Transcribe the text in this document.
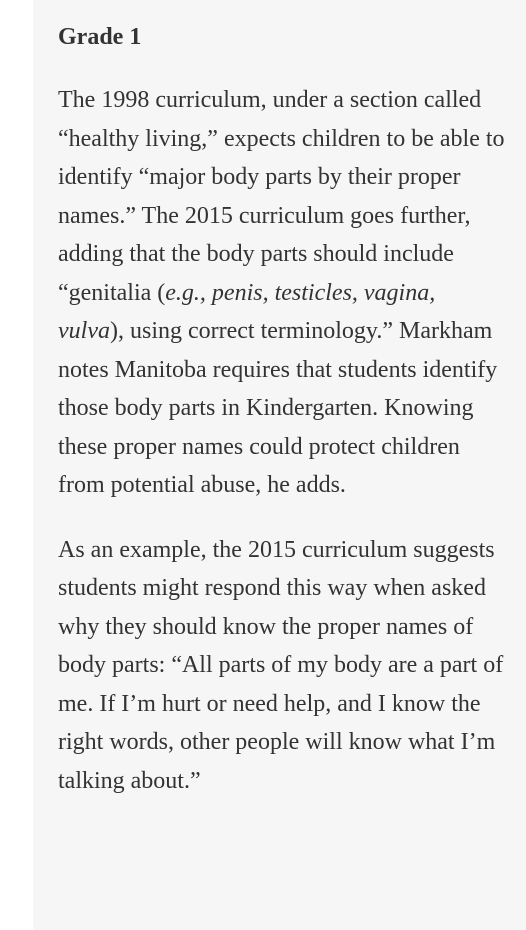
Grade 1

The 1998 curriculum, under a section called “healthy living,” expects children to be able to identify “major body parts by their proper names.” The 2015 curriculum goes further, adding that the body parts should include “genitalia (e.g., penis, testicles, vagina, vulva), using correct terminology.” Markham notes Manitoba requires that students identify those body parts in Kindergarten. Knowing these proper names could protect children from potential abuse, he adds.

As an example, the 2015 curriculum suggests students might respond this way when asked why they should know the proper names of body parts: “All parts of my body are a part of me. If I’m hurt or need help, and I know the right words, other people will know what I’m talking about.”
